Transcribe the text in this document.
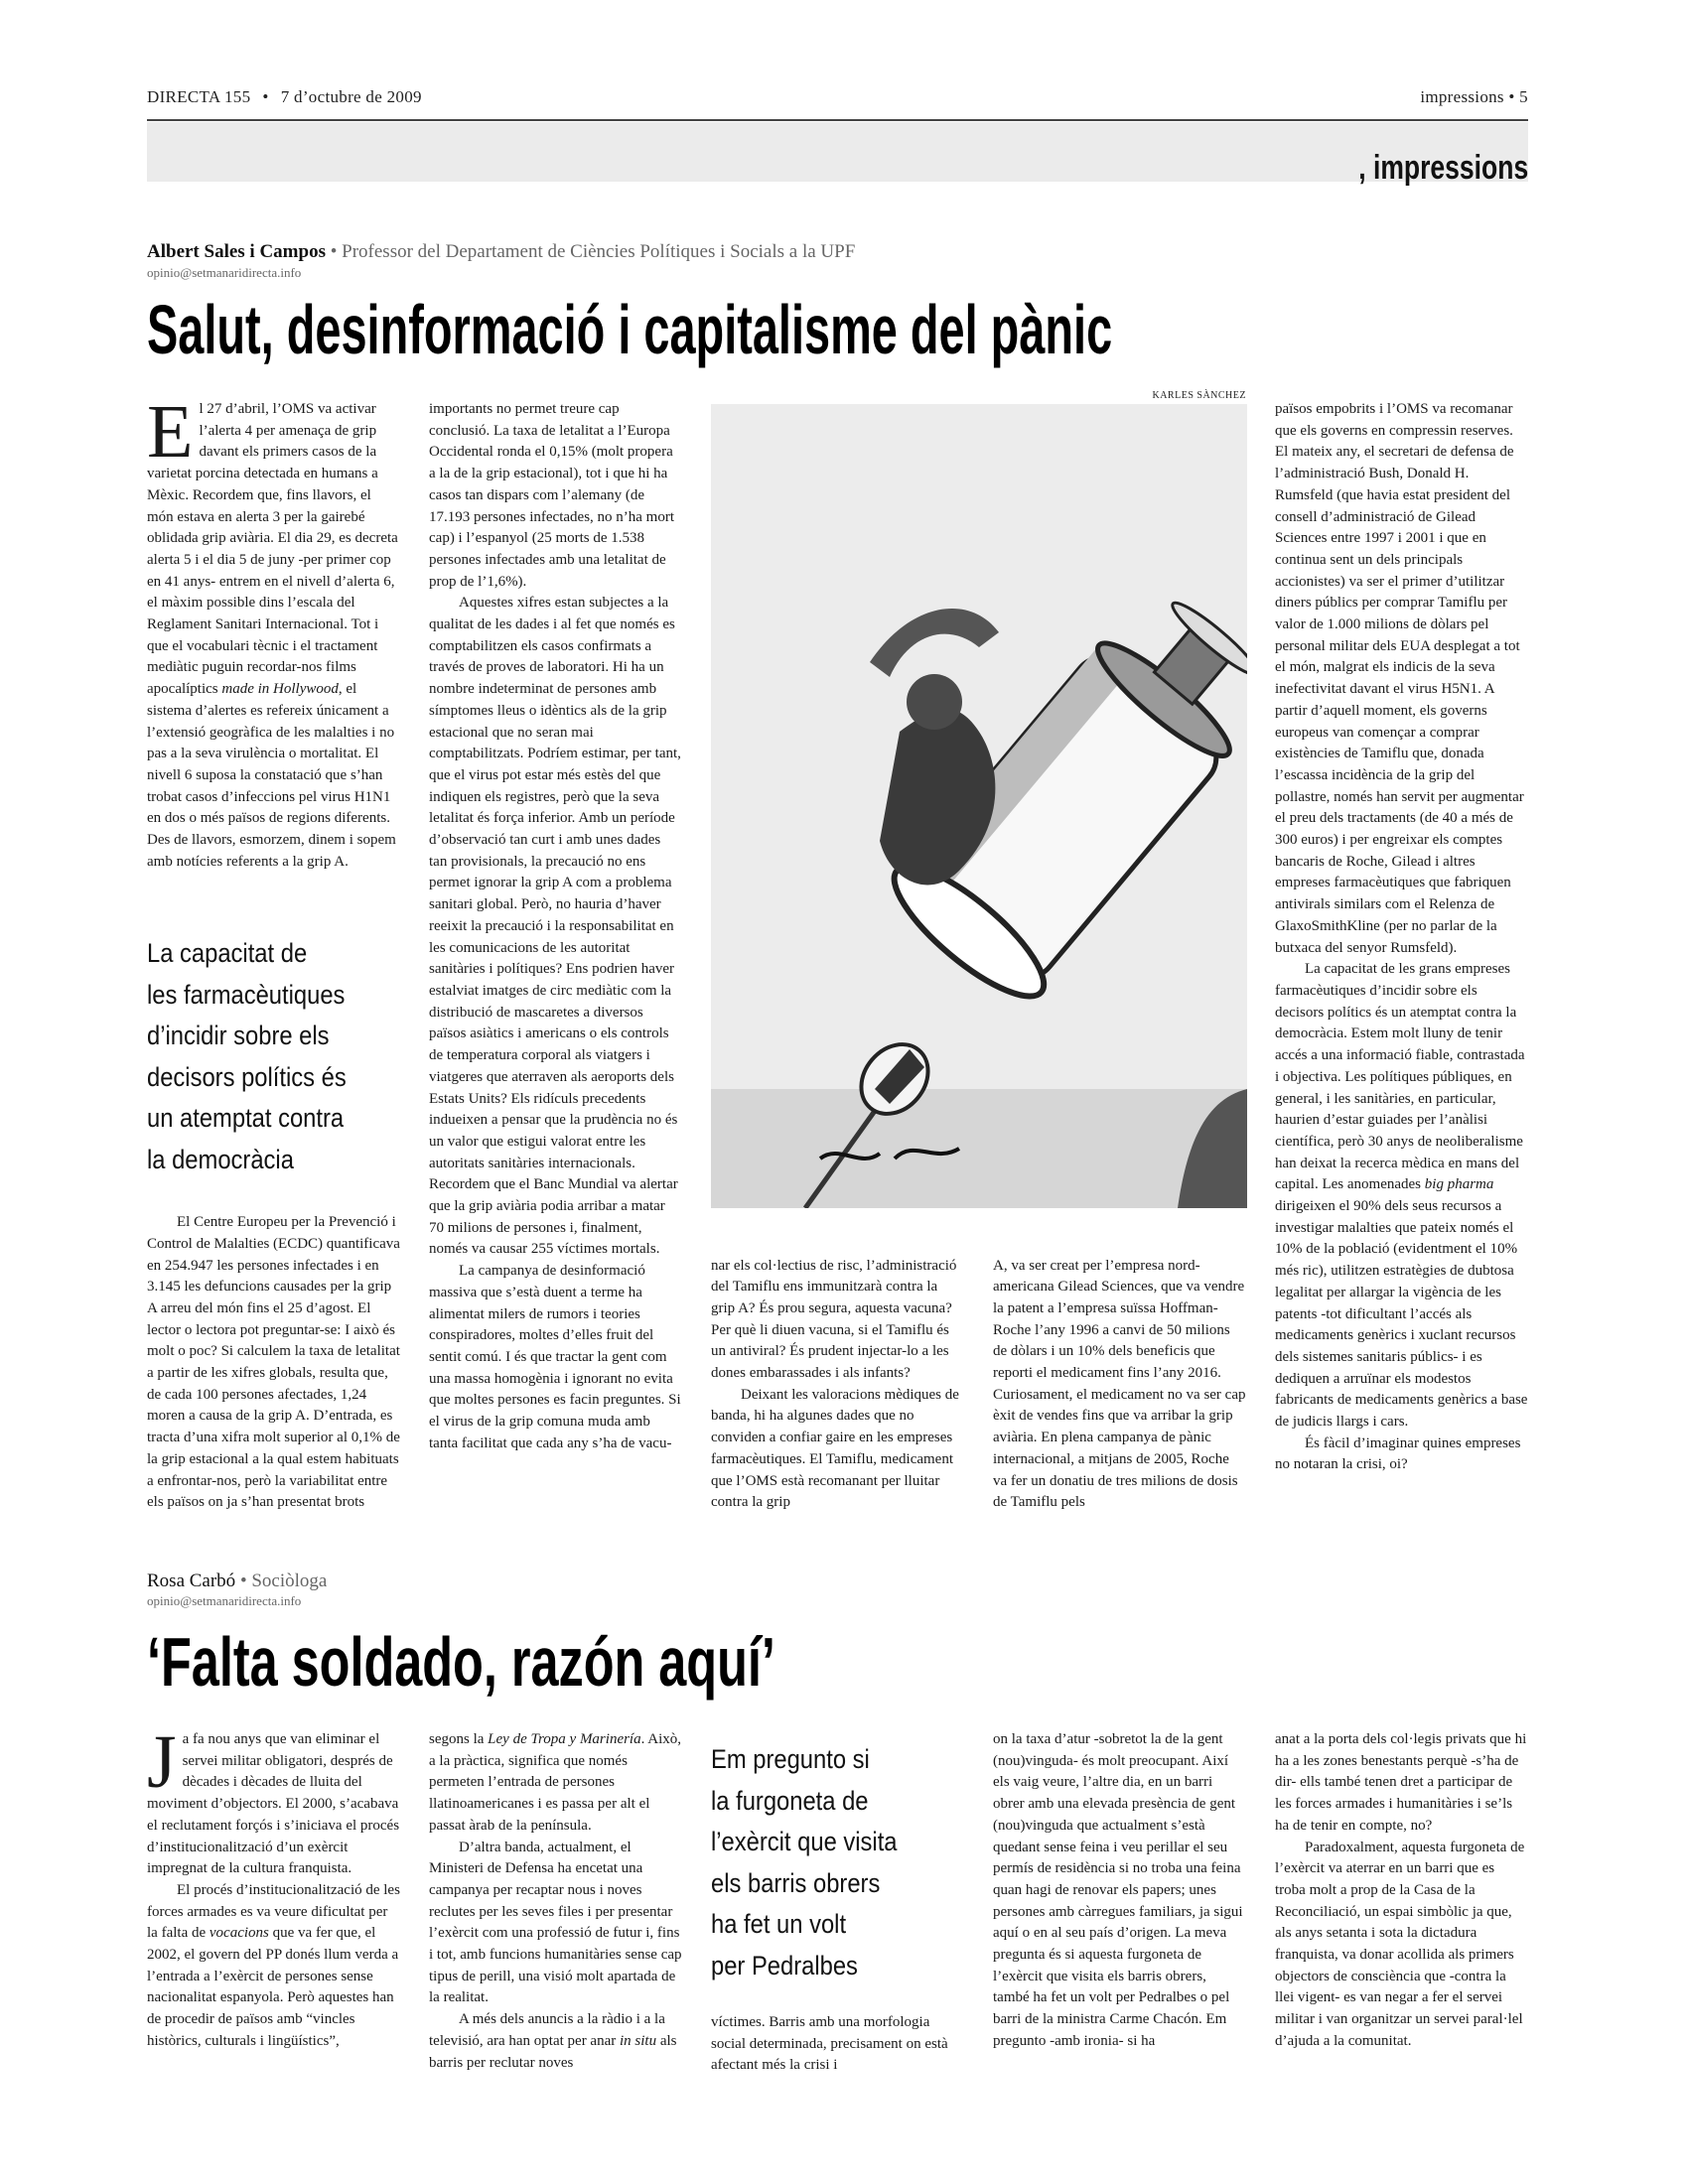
DIRECTA 155 • 7 d’octubre de 2009	impressions • 5
, impressions
Albert Sales i Campos • Professor del Departament de Ciències Polítiques i Socials a la UPF
opinio@setmanaridirecta.info
Salut, desinformació i capitalisme del pànic

El 27 d’abril, l’OMS va activar l’alerta 4 per amenaça de grip davant els primers casos de la varietat porcina detectada en humans a Mèxic. Recordem que, fins llavors, el món estava en alerta 3 per la gairebé oblidada grip aviària. El dia 29, es decreta alerta 5 i el dia 5 de juny -per primer cop en 41 anys- entrem en el nivell d’alerta 6, el màxim possible dins l’escala del Reglament Sanitari Internacional. Tot i que el vocabulari tècnic i el tractament mediàtic puguin recordar-nos films apocalíptics made in Hollywood, el sistema d’alertes es refereix únicament a l’extensió geogràfica de les malalties i no pas a la seva virulència o mortalitat. El nivell 6 suposa la constatació que s’han trobat casos d’infeccions pel virus H1N1 en dos o més països de regions diferents. Des de llavors, esmorzem, dinem i sopem amb notícies referents a la grip A.

La capacitat de
les farmacèutiques
d’incidir sobre els
decisors polítics és
un atemptat contra
la democràcia

El Centre Europeu per la Prevenció i Control de Malalties (ECDC) quantificava en 254.947 les persones infectades i en 3.145 les defuncions causades per la grip A arreu del món fins el 25 d’agost. El lector o lectora pot preguntar-se: I això és molt o poc? Si calculem la taxa de letalitat a partir de les xifres globals, resulta que, de cada 100 persones afectades, 1,24 moren a causa de la grip A. D’entrada, es tracta d’una xifra molt superior al 0,1% de la grip estacional a la qual estem habituats a enfrontar-nos, però la variabilitat entre els països on ja s’han presentat brots

importants no permet treure cap conclusió. La taxa de letalitat a l’Europa Occidental ronda el 0,15% (molt propera a la de la grip estacional), tot i que hi ha casos tan dispars com l’alemany (de 17.193 persones infectades, no n’ha mort cap) i l’espanyol (25 morts de 1.538 persones infectades amb una letalitat de prop de l’1,6%).

Aquestes xifres estan subjectes a la qualitat de les dades i al fet que només es comptabilitzen els casos confirmats a través de proves de laboratori. Hi ha un nombre indeterminat de persones amb símptomes lleus o idèntics als de la grip estacional que no seran mai comptabilitzats. Podríem estimar, per tant, que el virus pot estar més estès del que indiquen els registres, però que la seva letalitat és força inferior. Amb un període d’observació tan curt i amb unes dades tan provisionals, la precaució no ens permet ignorar la grip A com a problema sanitari global. Però, no hauria d’haver reeixit la precaució i la responsabilitat en les comunicacions de les autoritat sanitàries i polítiques? Ens podrien haver estalviat imatges de circ mediàtic com la distribució de mascaretes a diversos països asiàtics i americans o els controls de temperatura corporal als viatgers i viatgeres que aterraven als aeroports dels Estats Units? Els ridículs precedents indueixen a pensar que la prudència no és un valor que estigui valorat entre les autoritats sanitàries internacionals. Recordem que el Banc Mundial va alertar que la grip aviària podia arribar a matar 70 milions de persones i, finalment, només va causar 255 víctimes mortals.

La campanya de desinformació massiva que s’està duent a terme ha alimentat milers de rumors i teories conspiradores, moltes d’elles fruit del sentit comú. I és que tractar la gent com una massa homogènia i ignorant no evita que moltes persones es facin preguntes. Si el virus de la grip comuna muda amb tanta facilitat que cada any s’ha de vacu-

nar els col·lectius de risc, l’administració del Tamiflu ens immunitzarà contra la grip A? És prou segura, aquesta vacuna? Per què li diuen vacuna, si el Tamiflu és un antiviral? És prudent injectar-lo a les dones embarassades i als infants?

Deixant les valoracions mèdiques de banda, hi ha algunes dades que no conviden a confiar gaire en les empreses farmacèutiques. El Tamiflu, medicament que l’OMS està recomanant per lluitar contra la grip

A, va ser creat per l’empresa nord-americana Gilead Sciences, que va vendre la patent a l’empresa suïssa Hoffman-Roche l’any 1996 a canvi de 50 milions de dòlars i un 10% dels beneficis que reporti el medicament fins l’any 2016. Curiosament, el medicament no va ser cap èxit de vendes fins que va arribar la grip aviària. En plena campanya de pànic internacional, a mitjans de 2005, Roche va fer un donatiu de tres milions de dosis de Tamiflu pels

països empobrits i l’OMS va recomanar que els governs en compressin reserves. El mateix any, el secretari de defensa de l’administració Bush, Donald H. Rumsfeld (que havia estat president del consell d’administració de Gilead Sciences entre 1997 i 2001 i que en continua sent un dels principals accionistes) va ser el primer d’utilitzar diners públics per comprar Tamiflu per valor de 1.000 milions de dòlars pel personal militar dels EUA desplegat a tot el món, malgrat els indicis de la seva inefectivitat davant el virus H5N1. A partir d’aquell moment, els governs europeus van començar a comprar existències de Tamiflu que, donada l’escassa incidència de la grip del pollastre, només han servit per augmentar el preu dels tractaments (de 40 a més de 300 euros) i per engreixar els comptes bancaris de Roche, Gilead i altres empreses farmacèutiques que fabriquen antivirals similars com el Relenza de GlaxoSmithKline (per no parlar de la butxaca del senyor Rumsfeld).

La capacitat de les grans empreses farmacèutiques d’incidir sobre els decisors polítics és un atemptat contra la democràcia. Estem molt lluny de tenir accés a una informació fiable, contrastada i objectiva. Les polítiques públiques, en general, i les sanitàries, en particular, haurien d’estar guiades per l’anàlisi científica, però 30 anys de neoliberalisme han deixat la recerca mèdica en mans del capital. Les anomenades big pharma dirigeixen el 90% dels seus recursos a investigar malalties que pateix només el 10% de la població (evidentment el 10% més ric), utilitzen estratègies de dubtosa legalitat per allargar la vigència de les patents -tot dificultant l’accés als medicaments genèrics i xuclant recursos dels sistemes sanitaris públics- i es dediquen a arruïnar els modestos fabricants de medicaments genèrics a base de judicis llargs i cars.

És fàcil d’imaginar quines empreses no notaran la crisi, oi?

KARLES SÀNCHEZ
Rosa Carbó • Sociòloga
opinio@setmanaridirecta.info
‘Falta soldado, razón aquí’

Ja fa nou anys que van eliminar el servei militar obligatori, després de dècades i dècades de lluita del moviment d’objectors. El 2000, s’acabava el reclutament forçós i s’iniciava el procés d’institucionalització d’un exèrcit impregnat de la cultura franquista.

El procés d’institucionalització de les forces armades es va veure dificultat per la falta de vocacions que va fer que, el 2002, el govern del PP donés llum verda a l’entrada a l’exèrcit de persones sense nacionalitat espanyola. Però aquestes han de procedir de països amb “vincles històrics, culturals i lingüístics”,

segons la Ley de Tropa y Marinería. Això, a la pràctica, significa que només permeten l’entrada de persones llatinoamericanes i es passa per alt el passat àrab de la península.

D’altra banda, actualment, el Ministeri de Defensa ha encetat una campanya per recaptar nous i noves reclutes per les seves files i per presentar l’exèrcit com una professió de futur i, fins i tot, amb funcions humanitàries sense cap tipus de perill, una visió molt apartada de la realitat.

A més dels anuncis a la ràdio i a la televisió, ara han optat per anar in situ als barris per reclutar noves

Em pregunto si
la furgoneta de
l’exèrcit que visita
els barris obrers
ha fet un volt
per Pedralbes

víctimes. Barris amb una morfologia social determinada, precisament on està afectant més la crisi i

on la taxa d’atur -sobretot la de la gent (nou)vinguda- és molt preocupant. Així els vaig veure, l’altre dia, en un barri obrer amb una elevada presència de gent (nou)vinguda que actualment s’està quedant sense feina i veu perillar el seu permís de residència si no troba una feina quan hagi de renovar els papers; unes persones amb càrregues familiars, ja sigui aquí o en al seu país d’origen. La meva pregunta és si aquesta furgoneta de l’exèrcit que visita els barris obrers, també ha fet un volt per Pedralbes o pel barri de la ministra Carme Chacón. Em pregunto -amb ironia- si ha

anat a la porta dels col·legis privats que hi ha a les zones benestants perquè -s’ha de dir- ells també tenen dret a participar de les forces armades i humanitàries i se’ls ha de tenir en compte, no?

Paradoxalment, aquesta furgoneta de l’exèrcit va aterrar en un barri que es troba molt a prop de la Casa de la Reconciliació, un espai simbòlic ja que, als anys setanta i sota la dictadura franquista, va donar acollida als primers objectors de consciència que -contra la llei vigent- es van negar a fer el servei militar i van organitzar un servei paral·lel d’ajuda a la comunitat.
